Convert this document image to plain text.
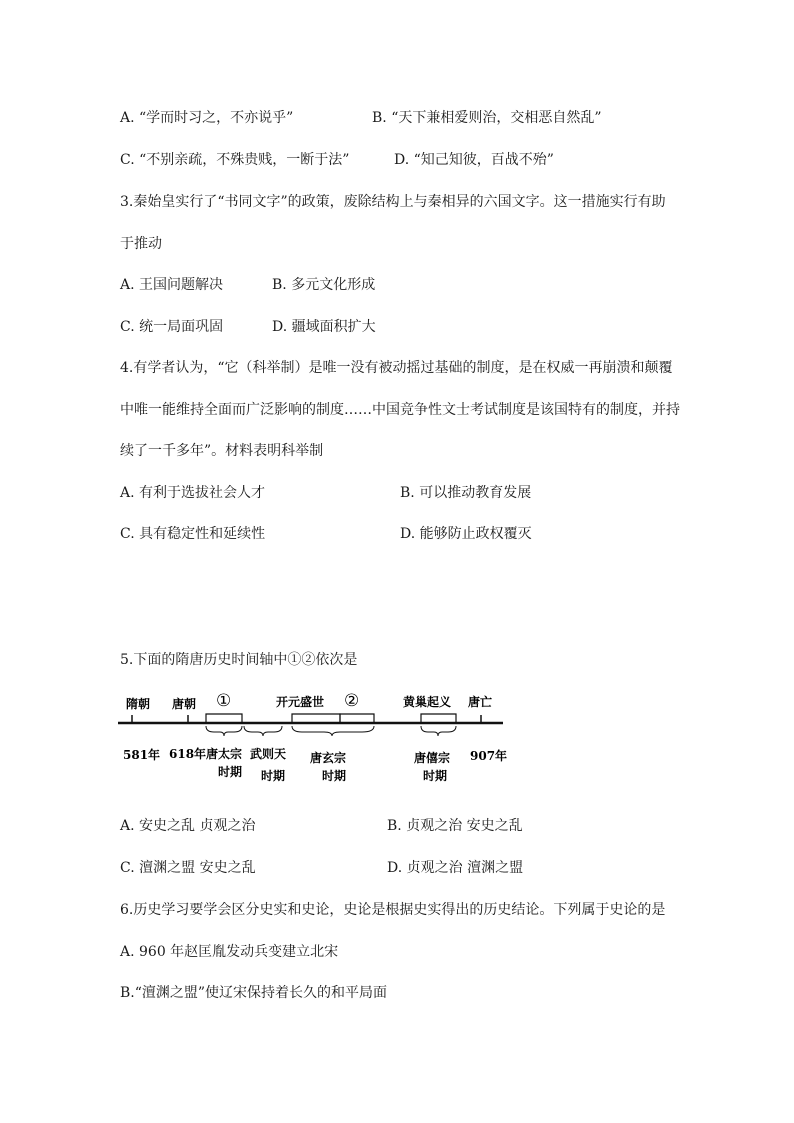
A. “学而时习之，不亦说乎”	B. “天下兼相爱则治，交相恶自然乱”
C. “不别亲疏，不殊贵贱，一断于法”	D. “知己知彼，百战不殆”
3.秦始皇实行了“书同文字”的政策，废除结构上与秦相异的六国文字。这一措施实行有助
于推动
A. 王国问题解决	B. 多元文化形成
C. 统一局面巩固	D. 疆域面积扩大
4.有学者认为，“它（科举制）是唯一没有被动摇过基础的制度，是在权威一再崩溃和颠覆
中唯一能维持全面而广泛影响的制度……中国竞争性文士考试制度是该国特有的制度，并持
续了一千多年”。材料表明科举制
A. 有利于选拔社会人才	B. 可以推动教育发展
C. 具有稳定性和延续性	D. 能够防止政权覆灭
5.下面的隋唐历史时间轴中①②依次是
隋朝 唐朝	开元盛世	黄巢起义 唐亡
①	②
581年 618年 唐太宗 武则天 唐玄宗	唐僖宗 907年
时期 时期	时期	时期
A. 安史之乱 贞观之治	B. 贞观之治 安史之乱
C. 澶渊之盟 安史之乱	D. 贞观之治 澶渊之盟
6.历史学习要学会区分史实和史论，史论是根据史实得出的历史结论。下列属于史论的是
A. 960 年赵匡胤发动兵变建立北宋
B.“澶渊之盟”使辽宋保持着长久的和平局面
